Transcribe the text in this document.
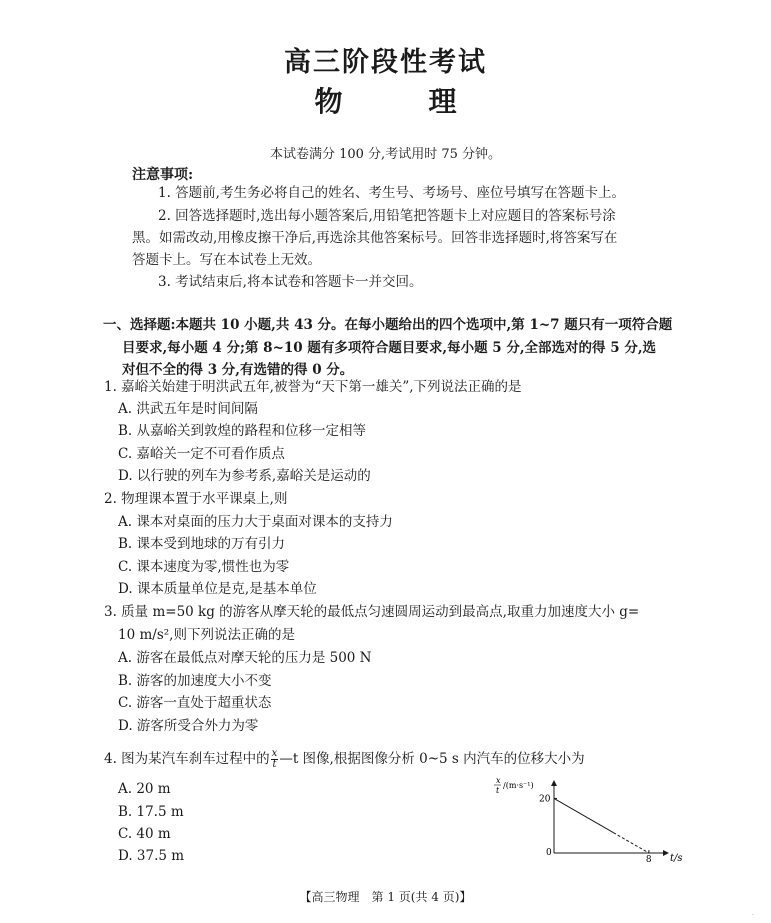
高三阶段性考试
物	理
本试卷满分 100 分,考试用时 75 分钟。
注意事项:
1. 答题前,考生务必将自己的姓名、考生号、考场号、座位号填写在答题卡上。
2. 回答选择题时,选出每小题答案后,用铅笔把答题卡上对应题目的答案标号涂
黑。如需改动,用橡皮擦干净后,再选涂其他答案标号。回答非选择题时,将答案写在
答题卡上。写在本试卷上无效。
3. 考试结束后,将本试卷和答题卡一并交回。
一、选择题:本题共 10 小题,共 43 分。在每小题给出的四个选项中,第 1~7 题只有一项符合题
目要求,每小题 4 分;第 8~10 题有多项符合题目要求,每小题 5 分,全部选对的得 5 分,选
对但不全的得 3 分,有选错的得 0 分。
1. 嘉峪关始建于明洪武五年,被誉为“天下第一雄关”,下列说法正确的是
A. 洪武五年是时间间隔
B. 从嘉峪关到敦煌的路程和位移一定相等
C. 嘉峪关一定不可看作质点
D. 以行驶的列车为参考系,嘉峪关是运动的
2. 物理课本置于水平课桌上,则
A. 课本对桌面的压力大于桌面对课本的支持力
B. 课本受到地球的万有引力
C. 课本速度为零,惯性也为零
D. 课本质量单位是克,是基本单位
3. 质量 m=50 kg 的游客从摩天轮的最低点匀速圆周运动到最高点,取重力加速度大小 g=
10 m/s²,则下列说法正确的是
A. 游客在最低点对摩天轮的压力是 500 N
B. 游客的加速度大小不变
C. 游客一直处于超重状态
D. 游客所受合外力为零
4. 图为某汽车刹车过程中的 $\frac{x}{t}$ —t 图像,根据图像分析 0~5 s 内汽车的位移大小为
A. 20 m
B. 17.5 m
C. 40 m
D. 37.5 m
x
t
/(m·s⁻¹)
t/s
0
20
8
【高三物理　第 1 页(共 4 页)】
·
